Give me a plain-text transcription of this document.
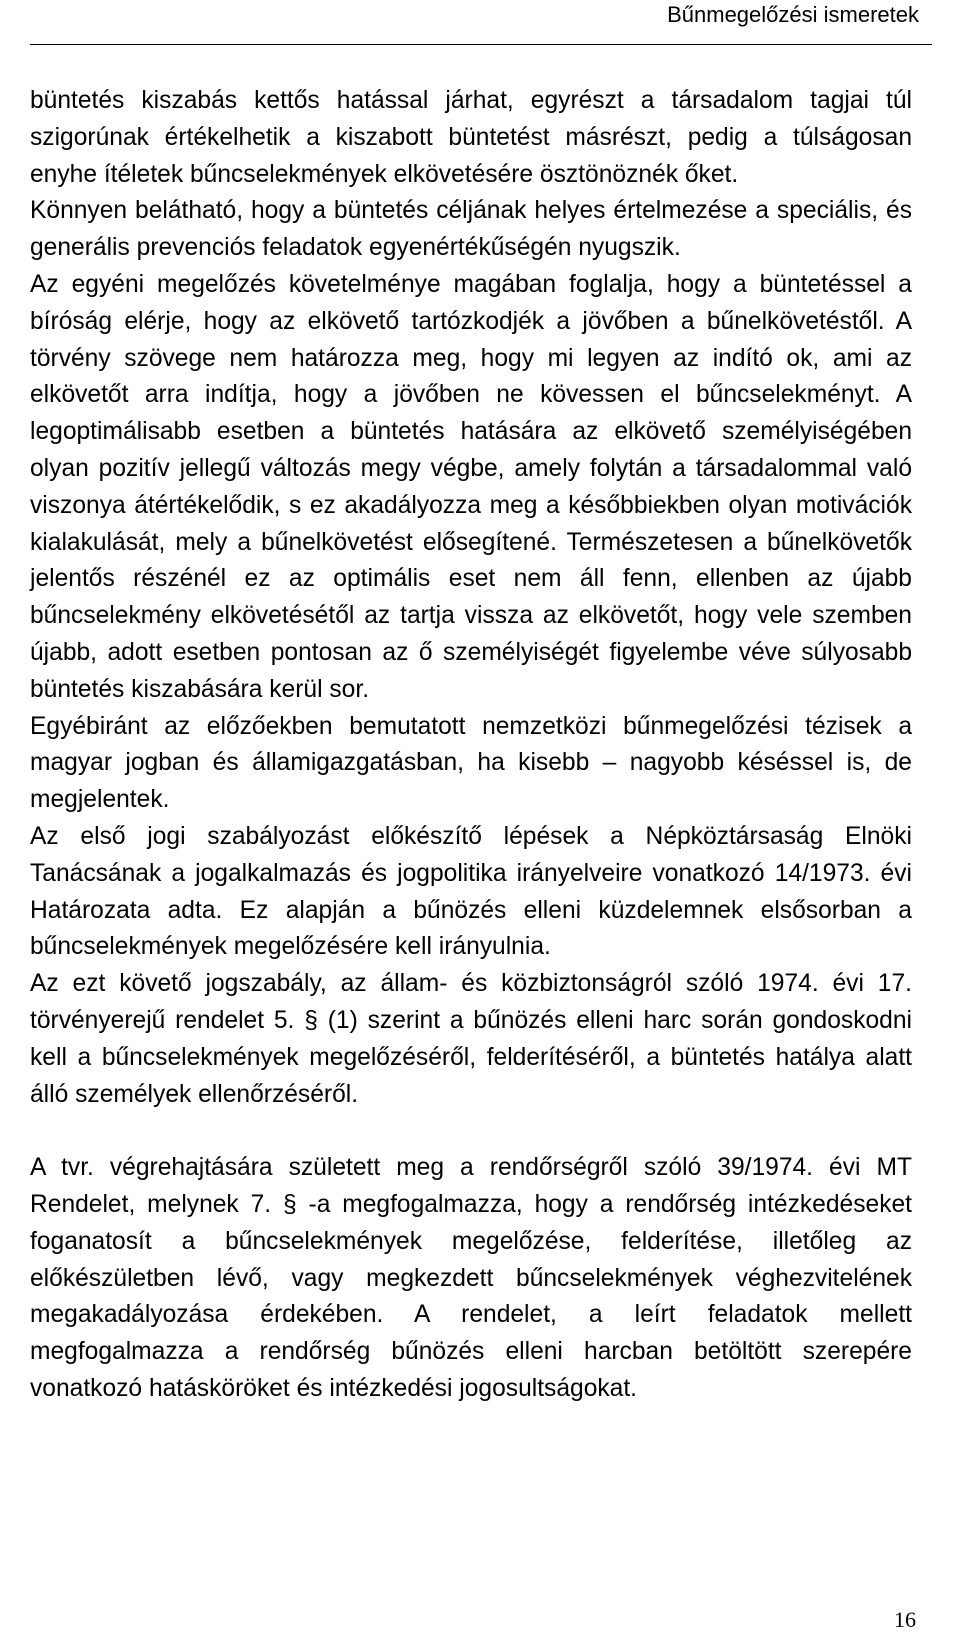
Bűnmegelőzési ismeretek

büntetés kiszabás kettős hatással járhat, egyrészt a társadalom tagjai túl szigorúnak értékelhetik a kiszabott büntetést másrészt, pedig a túlságosan enyhe ítéletek bűncselekmények elkövetésére ösztönöznék őket.

Könnyen belátható, hogy a büntetés céljának helyes értelmezése a speciális, és generális prevenciós feladatok egyenértékűségén nyugszik.

Az egyéni megelőzés követelménye magában foglalja, hogy a büntetéssel a bíróság elérje, hogy az elkövető tartózkodjék a jövőben a bűnelkövetéstől. A törvény szövege nem határozza meg, hogy mi legyen az indító ok, ami az elkövetőt arra indítja, hogy a jövőben ne kövessen el bűncselekményt. A legoptimálisabb esetben a büntetés hatására az elkövető személyiségében olyan pozitív jellegű változás megy végbe, amely folytán a társadalommal való viszonya átértékelődik, s ez akadályozza meg a későbbiekben olyan motivációk kialakulását, mely a bűnelkövetést elősegítené. Természetesen a bűnelkövetők jelentős részénél ez az optimális eset nem áll fenn, ellenben az újabb bűncselekmény elkövetésétől az tartja vissza az elkövetőt, hogy vele szemben újabb, adott esetben pontosan az ő személyiségét figyelembe véve súlyosabb büntetés kiszabására kerül sor.

Egyébiránt az előzőekben bemutatott nemzetközi bűnmegelőzési tézisek a magyar jogban és államigazgatásban, ha kisebb – nagyobb késéssel is, de megjelentek.

Az első jogi szabályozást előkészítő lépések a Népköztársaság Elnöki Tanácsának a jogalkalmazás és jogpolitika irányelveire vonatkozó 14/1973. évi Határozata adta. Ez alapján a bűnözés elleni küzdelemnek elsősorban a bűncselekmények megelőzésére kell irányulnia.

Az ezt követő jogszabály, az állam- és közbiztonságról szóló 1974. évi 17. törvényerejű rendelet 5. § (1) szerint a bűnözés elleni harc során gondoskodni kell a bűncselekmények megelőzéséről, felderítéséről, a büntetés hatálya alatt álló személyek ellenőrzéséről.

A tvr. végrehajtására született meg a rendőrségről szóló 39/1974. évi MT Rendelet, melynek 7. § -a megfogalmazza, hogy a rendőrség intézkedéseket foganatosít a bűncselekmények megelőzése, felderítése, illetőleg az előkészületben lévő, vagy megkezdett bűncselekmények véghezvitelének megakadályozása érdekében. A rendelet, a leírt feladatok mellett megfogalmazza a rendőrség bűnözés elleni harcban betöltött szerepére vonatkozó hatásköröket és intézkedési jogosultságokat.

16
